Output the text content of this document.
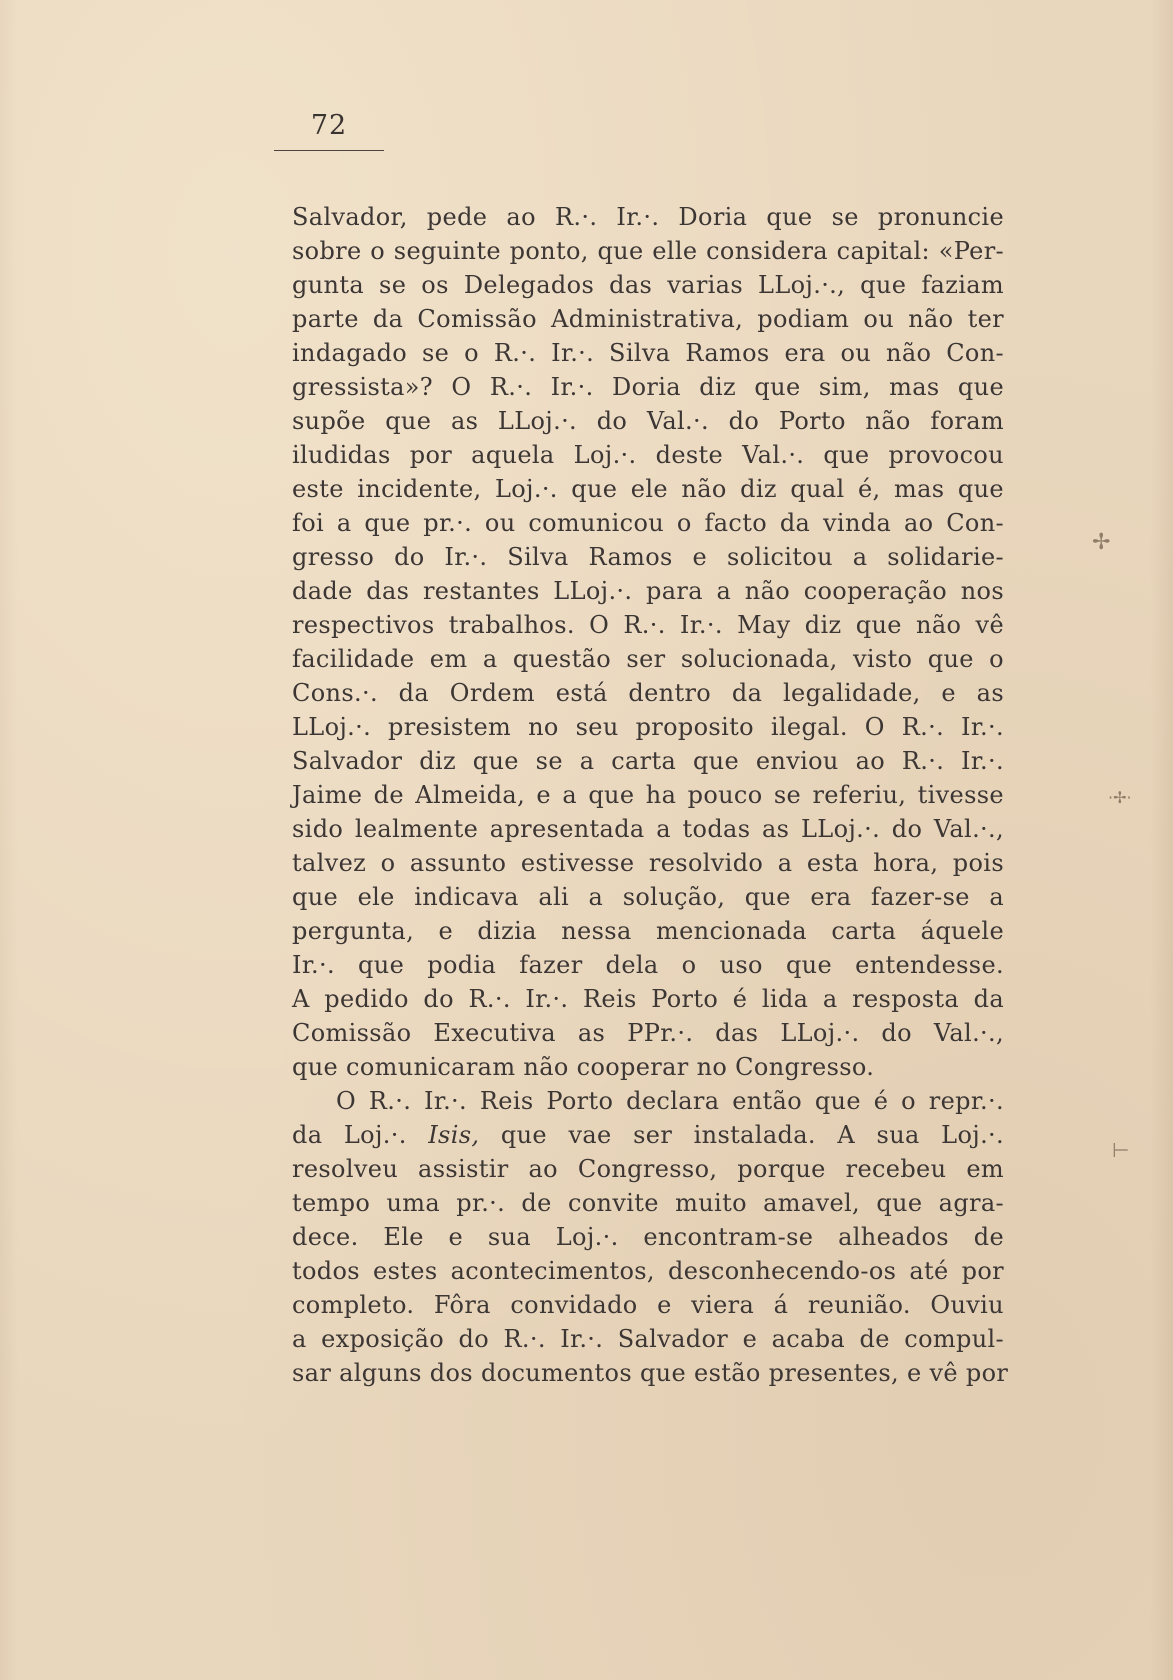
72
Salvador, pede ao R.·. Ir.·. Doria que se pronuncie
sobre o seguinte ponto, que elle considera capital: «Per-
gunta se os Delegados das varias LLoj.·., que faziam
parte da Comissão Administrativa, podiam ou não ter
indagado se o R.·. Ir.·. Silva Ramos era ou não Con-
gressista»? O R.·. Ir.·. Doria diz que sim, mas que
supõe que as LLoj.·. do Val.·. do Porto não foram
iludidas por aquela Loj.·. deste Val.·. que provocou
este incidente, Loj.·. que ele não diz qual é, mas que
foi a que pr.·. ou comunicou o facto da vinda ao Con-
gresso do Ir.·. Silva Ramos e solicitou a solidarie-
dade das restantes LLoj.·. para a não cooperação nos
respectivos trabalhos. O R.·. Ir.·. May diz que não vê
facilidade em a questão ser solucionada, visto que o
Cons.·. da Ordem está dentro da legalidade, e as
LLoj.·. presistem no seu proposito ilegal. O R.·. Ir.·.
Salvador diz que se a carta que enviou ao R.·. Ir.·.
Jaime de Almeida, e a que ha pouco se referiu, tivesse
sido lealmente apresentada a todas as LLoj.·. do Val.·.,
talvez o assunto estivesse resolvido a esta hora, pois
que ele indicava ali a solução, que era fazer-se a
pergunta, e dizia nessa mencionada carta áquele
Ir.·. que podia fazer dela o uso que entendesse.
A pedido do R.·. Ir.·. Reis Porto é lida a resposta da
Comissão Executiva as PPr.·. das LLoj.·. do Val.·.,
que comunicaram não cooperar no Congresso.
O R.·. Ir.·. Reis Porto declara então que é o repr.·.
da Loj.·. Isis, que vae ser instalada. A sua Loj.·.
resolveu assistir ao Congresso, porque recebeu em
tempo uma pr.·. de convite muito amavel, que agra-
dece. Ele e sua Loj.·. encontram-se alheados de
todos estes acontecimentos, desconhecendo-os até por
completo. Fôra convidado e viera á reunião. Ouviu
a exposição do R.·. Ir.·. Salvador e acaba de compul-
sar alguns dos documentos que estão presentes, e vê por
✢
·✢·
⊢
